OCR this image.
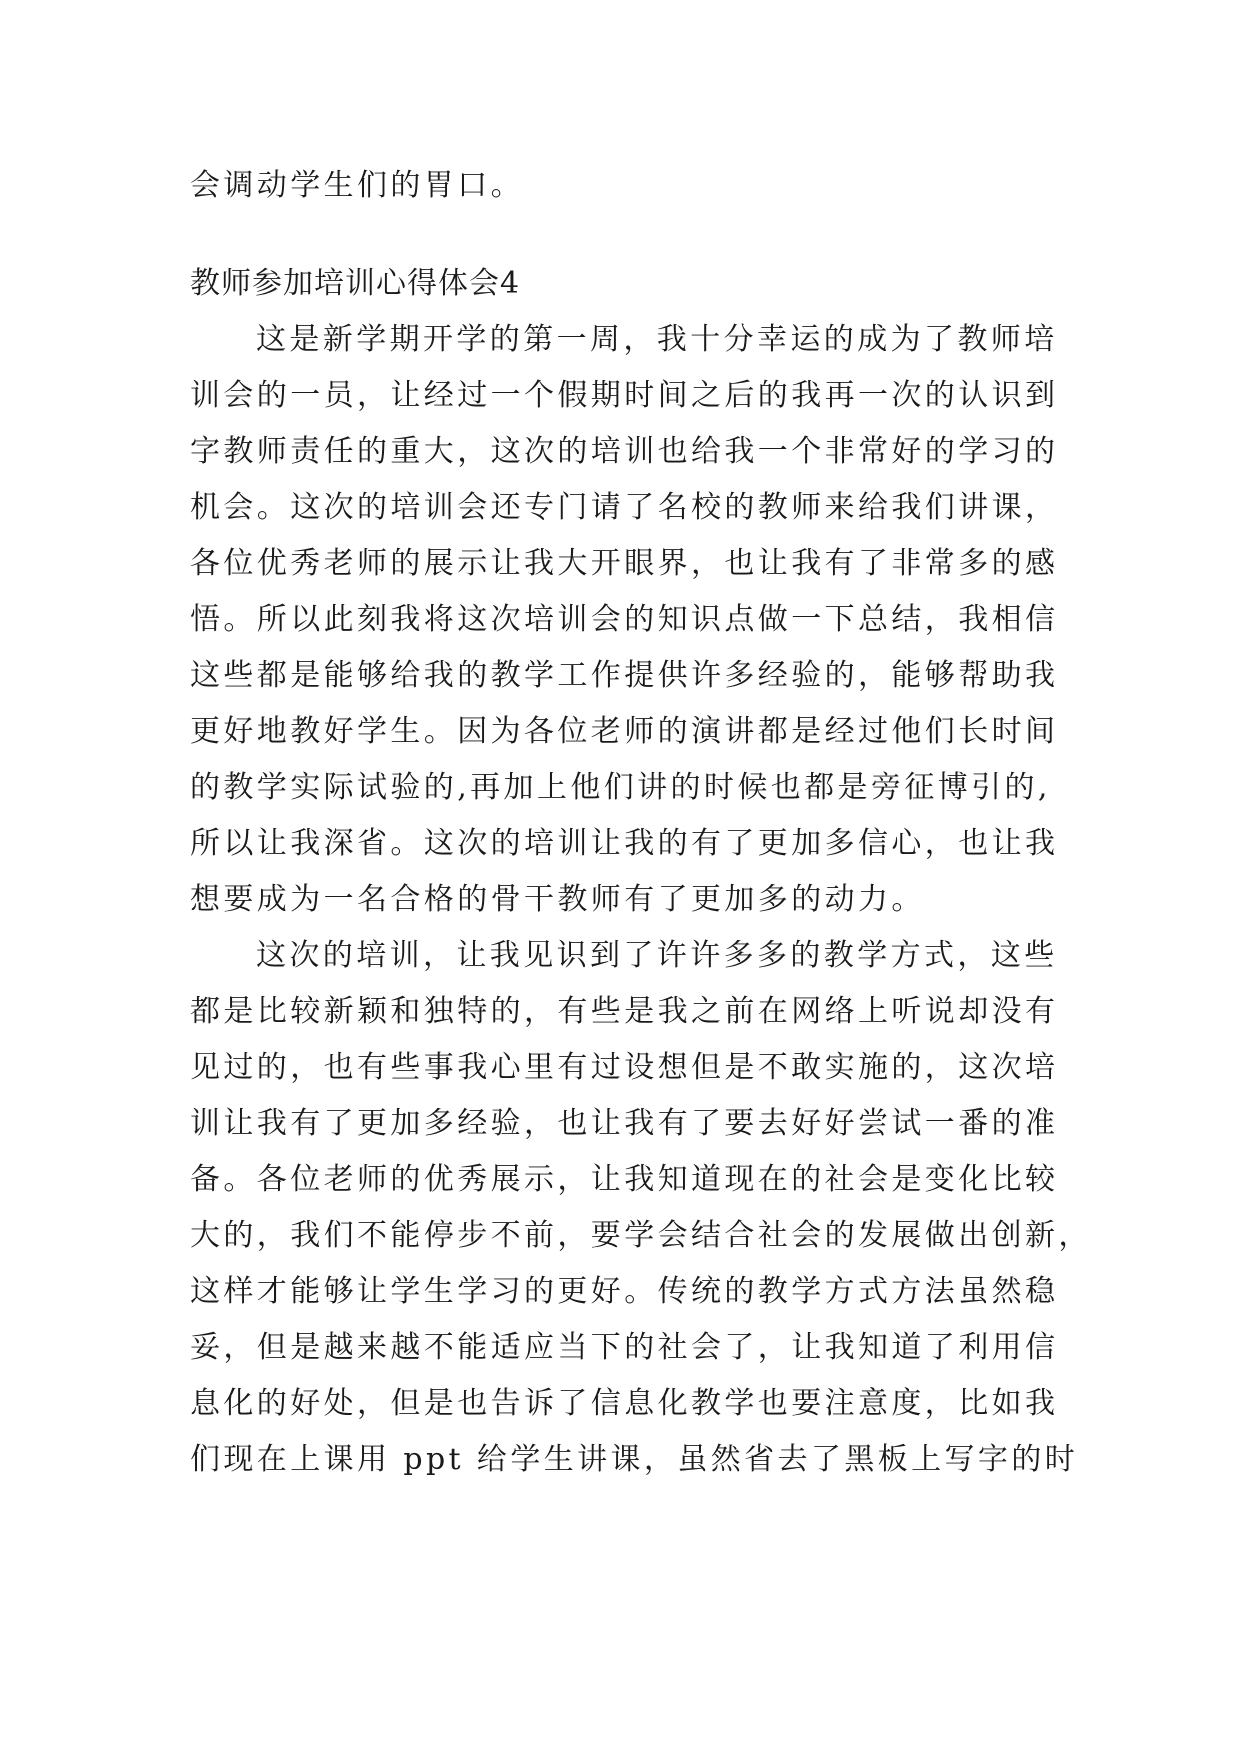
会调动学生们的胃口。
教师参加培训心得体会4
这是新学期开学的第一周，我十分幸运的成为了教师培
训会的一员，让经过一个假期时间之后的我再一次的认识到
字教师责任的重大，这次的培训也给我一个非常好的学习的
机会。这次的培训会还专门请了名校的教师来给我们讲课，
各位优秀老师的展示让我大开眼界，也让我有了非常多的感
悟。所以此刻我将这次培训会的知识点做一下总结，我相信
这些都是能够给我的教学工作提供许多经验的，能够帮助我
更好地教好学生。因为各位老师的演讲都是经过他们长时间
的教学实际试验的,再加上他们讲的时候也都是旁征博引的,
所以让我深省。这次的培训让我的有了更加多信心，也让我
想要成为一名合格的骨干教师有了更加多的动力。
这次的培训，让我见识到了许许多多的教学方式，这些
都是比较新颖和独特的，有些是我之前在网络上听说却没有
见过的，也有些事我心里有过设想但是不敢实施的，这次培
训让我有了更加多经验，也让我有了要去好好尝试一番的准
备。各位老师的优秀展示，让我知道现在的社会是变化比较
大的，我们不能停步不前，要学会结合社会的发展做出创新，
这样才能够让学生学习的更好。传统的教学方式方法虽然稳
妥，但是越来越不能适应当下的社会了，让我知道了利用信
息化的好处，但是也告诉了信息化教学也要注意度，比如我
们现在上课用 ppt 给学生讲课，虽然省去了黑板上写字的时
